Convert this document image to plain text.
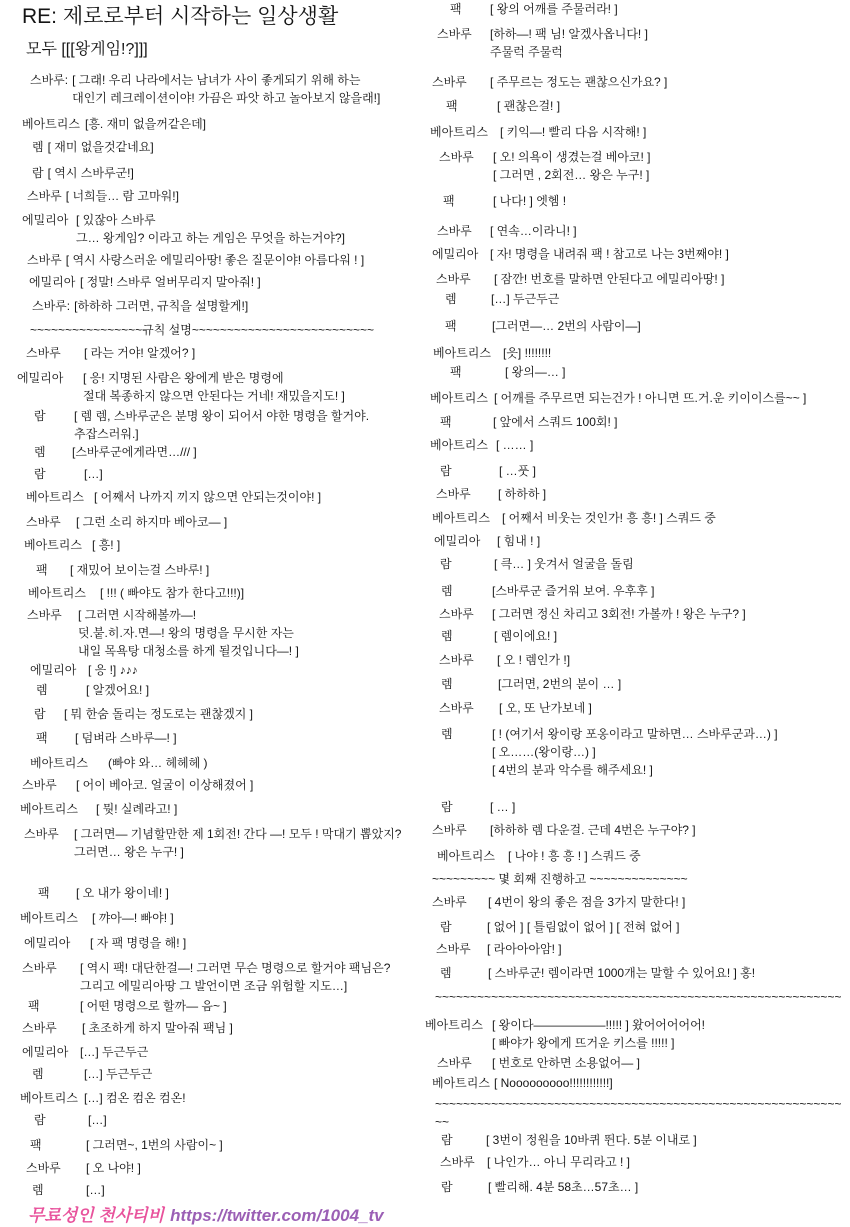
RE: 제로로부터 시작하는 일상생활
모두 [[[왕게임!?]]]
스바루: [ 그래! 우리 나라에서는 남녀가 사이 좋게되기 위해 하는
대인기 레크레이션이야! 가끔은 파앗 하고 놀아보지 않을래!]
베아트리스 [흥. 재미 없을꺼같은데]
렘 [ 재미 없을것같네요]
람 [ 역시 스바루군!]
스바루 [ 너희들… 람 고마워!]
에밀리아 [ 있잖아 스바루
그… 왕게임? 이라고 하는 게임은 무엇을 하는거야?]
스바루 [ 역시 사랑스러운 에밀리아땅! 좋은 질문이야! 아름다워 ! ]
에밀리아 [ 정말! 스바루 얼버무리지 말아줘! ]
스바루: [하하하 그러면, 규칙을 설명할게!]
~~~~~~~~~~~~~~~~규칙 설명~~~~~~~~~~~~~~~~~~~~~~~~~~
스바루	[ 라는 거야! 알겠어? ]
에밀리아	[ 응! 지명된 사람은 왕에게 받은 명령에
절대 복종하지 않으면 안된다는 거네! 재밌을지도! ]
람	[ 렘 렘, 스바루군은 분명 왕이 되어서 야한 명령을 할거야.
추잡스러워.]
렘	[스바루군에게라면…/// ]
람	[…]
베아트리스 [ 어째서 나까지 끼지 않으면 안되는것이야! ]
스바루	[ 그런 소리 하지마 베아코— ]
베아트리스 [ 흥! ]
팩	[ 재밌어 보이는걸 스바루! ]
베아트리스	[ !!! ( 빠야도 참가 한다고!!!)]
스바루	[ 그러면 시작해볼까—!
덧.붙.히.자.면—! 왕의 명령을 무시한 자는
내일 목욕탕 대청소를 하게 될것입니다—! ]
에밀리아 [ 응 !] ♪♪♪
렘	[ 알겠어요! ]
람	[ 뭐 한숨 돌리는 정도로는 괜찮겠지 ]
팩	[ 덤벼라 스바루—! ]
베아트리스	(빠야 와… 헤헤헤 )
스바루	[ 어이 베아코. 얼굴이 이상해졌어 ]
베아트리스	[ 뭣! 실례라고! ]
스바루	[ 그러면— 기념할만한 제 1회전! 간다 —! 모두 ! 막대기 뽑았지?
그러면… 왕은 누구! ]
팩	[ 오 내가 왕이네! ]
베아트리스	[ 꺄아—! 빠야! ]
에밀리아	[ 자 팩 명령을 해! ]
스바루	[ 역시 팩! 대단한걸—! 그러면 무슨 명령으로 할거야 팩님은?
그리고 에밀리아땅 그 발언이면 조금 위험할 지도…]
팩	[ 어떤 명령으로 할까— 음~ ]
스바루	[ 초조하게 하지 말아줘 팩님 ]
에밀리아 […] 두근두근
렘	[…] 두근두근
베아트리스 […] 컴온 컴온 컴온!
람	[…]
팩	[ 그러면~, 1번의 사람이~ ]
스바루	[ 오 나야! ]
렘	[…]
무료성인 천사티비 https://twitter.com/1004_tv
팩	[ 왕의 어깨를 주물러라! ]
스바루	[하하—! 팩 님! 알겠사옵니다! ]
주물럭 주물럭
스바루	[ 주무르는 정도는 괜찮으신가요? ]
팩	[ 괜찮은걸! ]
베아트리스	[ 키익—! 빨리 다음 시작해! ]
스바루	[ 오! 의욕이 생겼는걸 베아코! ]
[ 그러면 , 2회전… 왕은 누구! ]
팩	[ 나다! ] 엣헴 !
스바루	[ 연속…이라니! ]
에밀리아 [ 자! 명령을 내려줘 팩 ! 참고로 나는 3번째야! ]
스바루	[ 잠깐! 번호를 말하면 안된다고 에밀리아땅! ]
렘	[…] 두근두근
팩	[그러면—… 2번의 사람이—]
베아트리스	[읏] !!!!!!!!
팩	[ 왕의—… ]
베아트리스 [ 어깨를 주무르면 되는건가 ! 아니면 뜨.거.운 키이이스를~~ ]
팩	[ 앞에서 스쿼드 100회! ]
베아트리스 [ …… ]
람	[ …풋 ]
스바루	[ 하하하 ]
베아트리스	[ 어째서 비웃는 것인가! 흥 흥! ] 스쿼드 중
에밀리아	[ 힘내 ! ]
람	[ 큭… ] 웃겨서 얼굴을 돌림
렘	[스바루군 즐거워 보여. 우후후 ]
스바루	[ 그러면 정신 차리고 3회전! 가볼까 ! 왕은 누구? ]
렘	[ 렘이에요! ]
스바루	[ 오 ! 렘인가 !]
렘	[그러면, 2번의 분이 … ]
스바루	[ 오, 또 난가보네 ]
렘	[ ! (여기서 왕이랑 포옹이라고 말하면… 스바루군과…) ]
[ 오……(왕이랑…) ]
[ 4번의 분과 악수를 해주세요! ]
람	[ … ]
스바루	[하하하 렘 다운걸. 근데 4번은 누구야? ]
베아트리스	[ 나야 ! 흥 흥 ! ] 스쿼드 중
~~~~~~~~~ 몇 회째 진행하고 ~~~~~~~~~~~~~~
스바루	[ 4번이 왕의 좋은 점을 3가지 말한다! ]
람	[ 없어 ] [ 틀림없이 없어 ] [ 전혀 없어 ]
스바루	[ 라아아아암! ]
렘	[ 스바루군! 렘이라면 1000개는 말할 수 있어요! ] 홍!
~~~~~~~~~~~~~~~~~~~~~~~~~~~~~~~~~~~~~~~~~~~~~~~~~~~~~~~~~~
베아트리스 [ 왕이다——————!!!!! ] 왔어어어어어!
[ 빠야가 왕에게 뜨거운 키스를 !!!!! ]
스바루	[ 번호로 안하면 소용없어— ]
베아트리스 [ Nooooooooo!!!!!!!!!!!!]
~~~~~~~~~~~~~~~~~~~~~~~~~~~~~~~~~~~~~~~~~~~~~~~~~~~~~~~~~~~~
람	[ 3번이 정원을 10바퀴 뛴다. 5분 이내로 ]
스바루	[ 나인가… 아니 무리라고 ! ]
람	[ 빨리해. 4분 58초…57초… ]
